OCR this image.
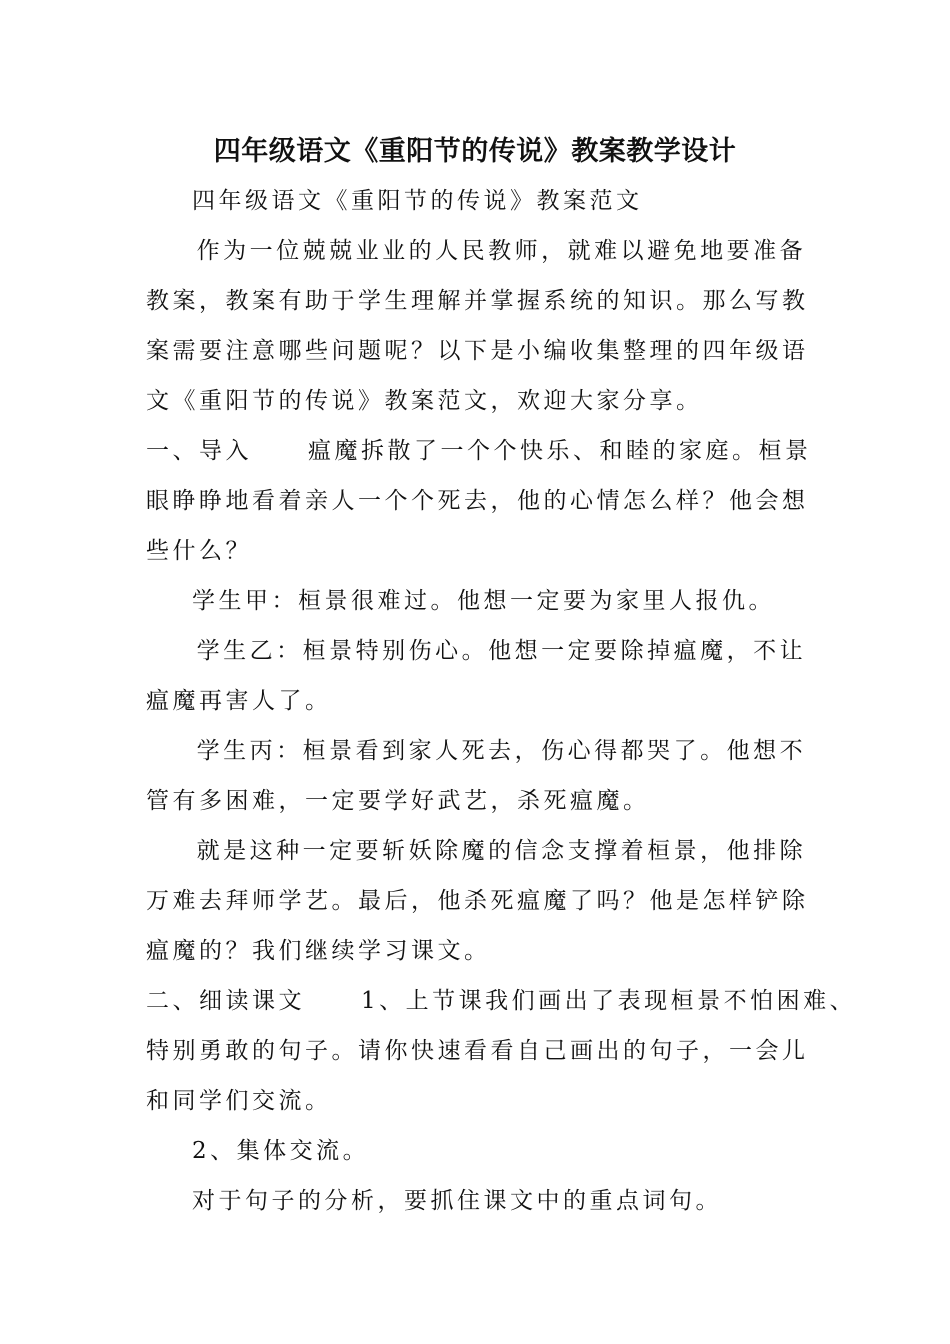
四年级语文《重阳节的传说》教案教学设计

四年级语文《重阳节的传说》教案范文

作为一位兢兢业业的人民教师，就难以避免地要准备

教案，教案有助于学生理解并掌握系统的知识。那么写教

案需要注意哪些问题呢？以下是小编收集整理的四年级语

文《重阳节的传说》教案范文，欢迎大家分享。

一、导入 瘟魔拆散了一个个快乐、和睦的家庭。桓景

眼睁睁地看着亲人一个个死去，他的心情怎么样？他会想

些什么？

学生甲：桓景很难过。他想一定要为家里人报仇。

学生乙：桓景特别伤心。他想一定要除掉瘟魔，不让

瘟魔再害人了。

学生丙：桓景看到家人死去，伤心得都哭了。他想不

管有多困难，一定要学好武艺，杀死瘟魔。

就是这种一定要斩妖除魔的信念支撑着桓景，他排除

万难去拜师学艺。最后，他杀死瘟魔了吗？他是怎样铲除

瘟魔的？我们继续学习课文。

二、细读课文 1、上节课我们画出了表现桓景不怕困难、

特别勇敢的句子。请你快速看看自己画出的句子，一会儿

和同学们交流。

2、集体交流。

对于句子的分析，要抓住课文中的重点词句。
